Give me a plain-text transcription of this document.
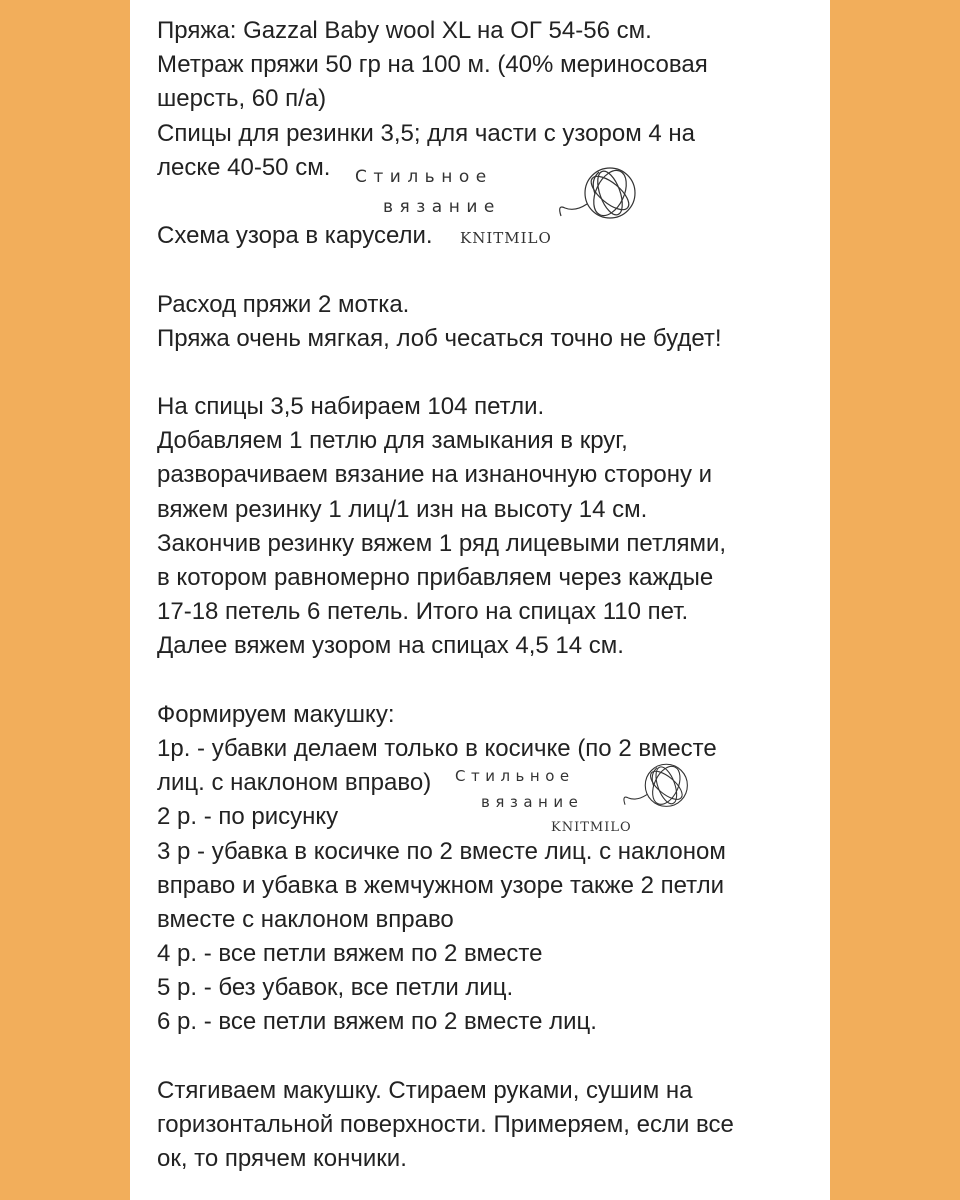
Пряжа: Gazzal Baby wool XL на ОГ 54-56 см.
Метраж пряжи 50 гр на 100 м. (40% мериносовая
шерсть, 60 п/а)
Спицы для резинки 3,5; для части с узором 4 на
леске 40-50 см.
Схема узора в карусели.
Расход пряжи 2 мотка.
Пряжа очень мягкая, лоб чесаться точно не будет!
На спицы 3,5 набираем 104 петли.
Добавляем 1 петлю для замыкания в круг,
разворачиваем вязание на изнаночную сторону и
вяжем резинку 1 лиц/1 изн на высоту 14 см.
Закончив резинку вяжем 1 ряд лицевыми петлями,
в котором равномерно прибавляем через каждые
17-18 петель 6 петель. Итого на спицах 110 пет.
Далее вяжем узором на спицах 4,5 14 см.
Формируем макушку:
1р. - убавки делаем только в косичке (по 2 вместе
лиц. с наклоном вправо)
2 р. - по рисунку
3 р - убавка в косичке по 2 вместе лиц. с наклоном
вправо и убавка в жемчужном узоре также 2 петли
вместе с наклоном вправо
4 р. - все петли вяжем по 2 вместе
5 р. - без убавок, все петли лиц.
6 р. - все петли вяжем по 2 вместе лиц.
Стягиваем макушку. Стираем руками, сушим на
горизонтальной поверхности. Примеряем, если все
ок, то прячем кончики.
Стильное
вязание
KNITMILO
Стильное
вязание
KNITMILO
